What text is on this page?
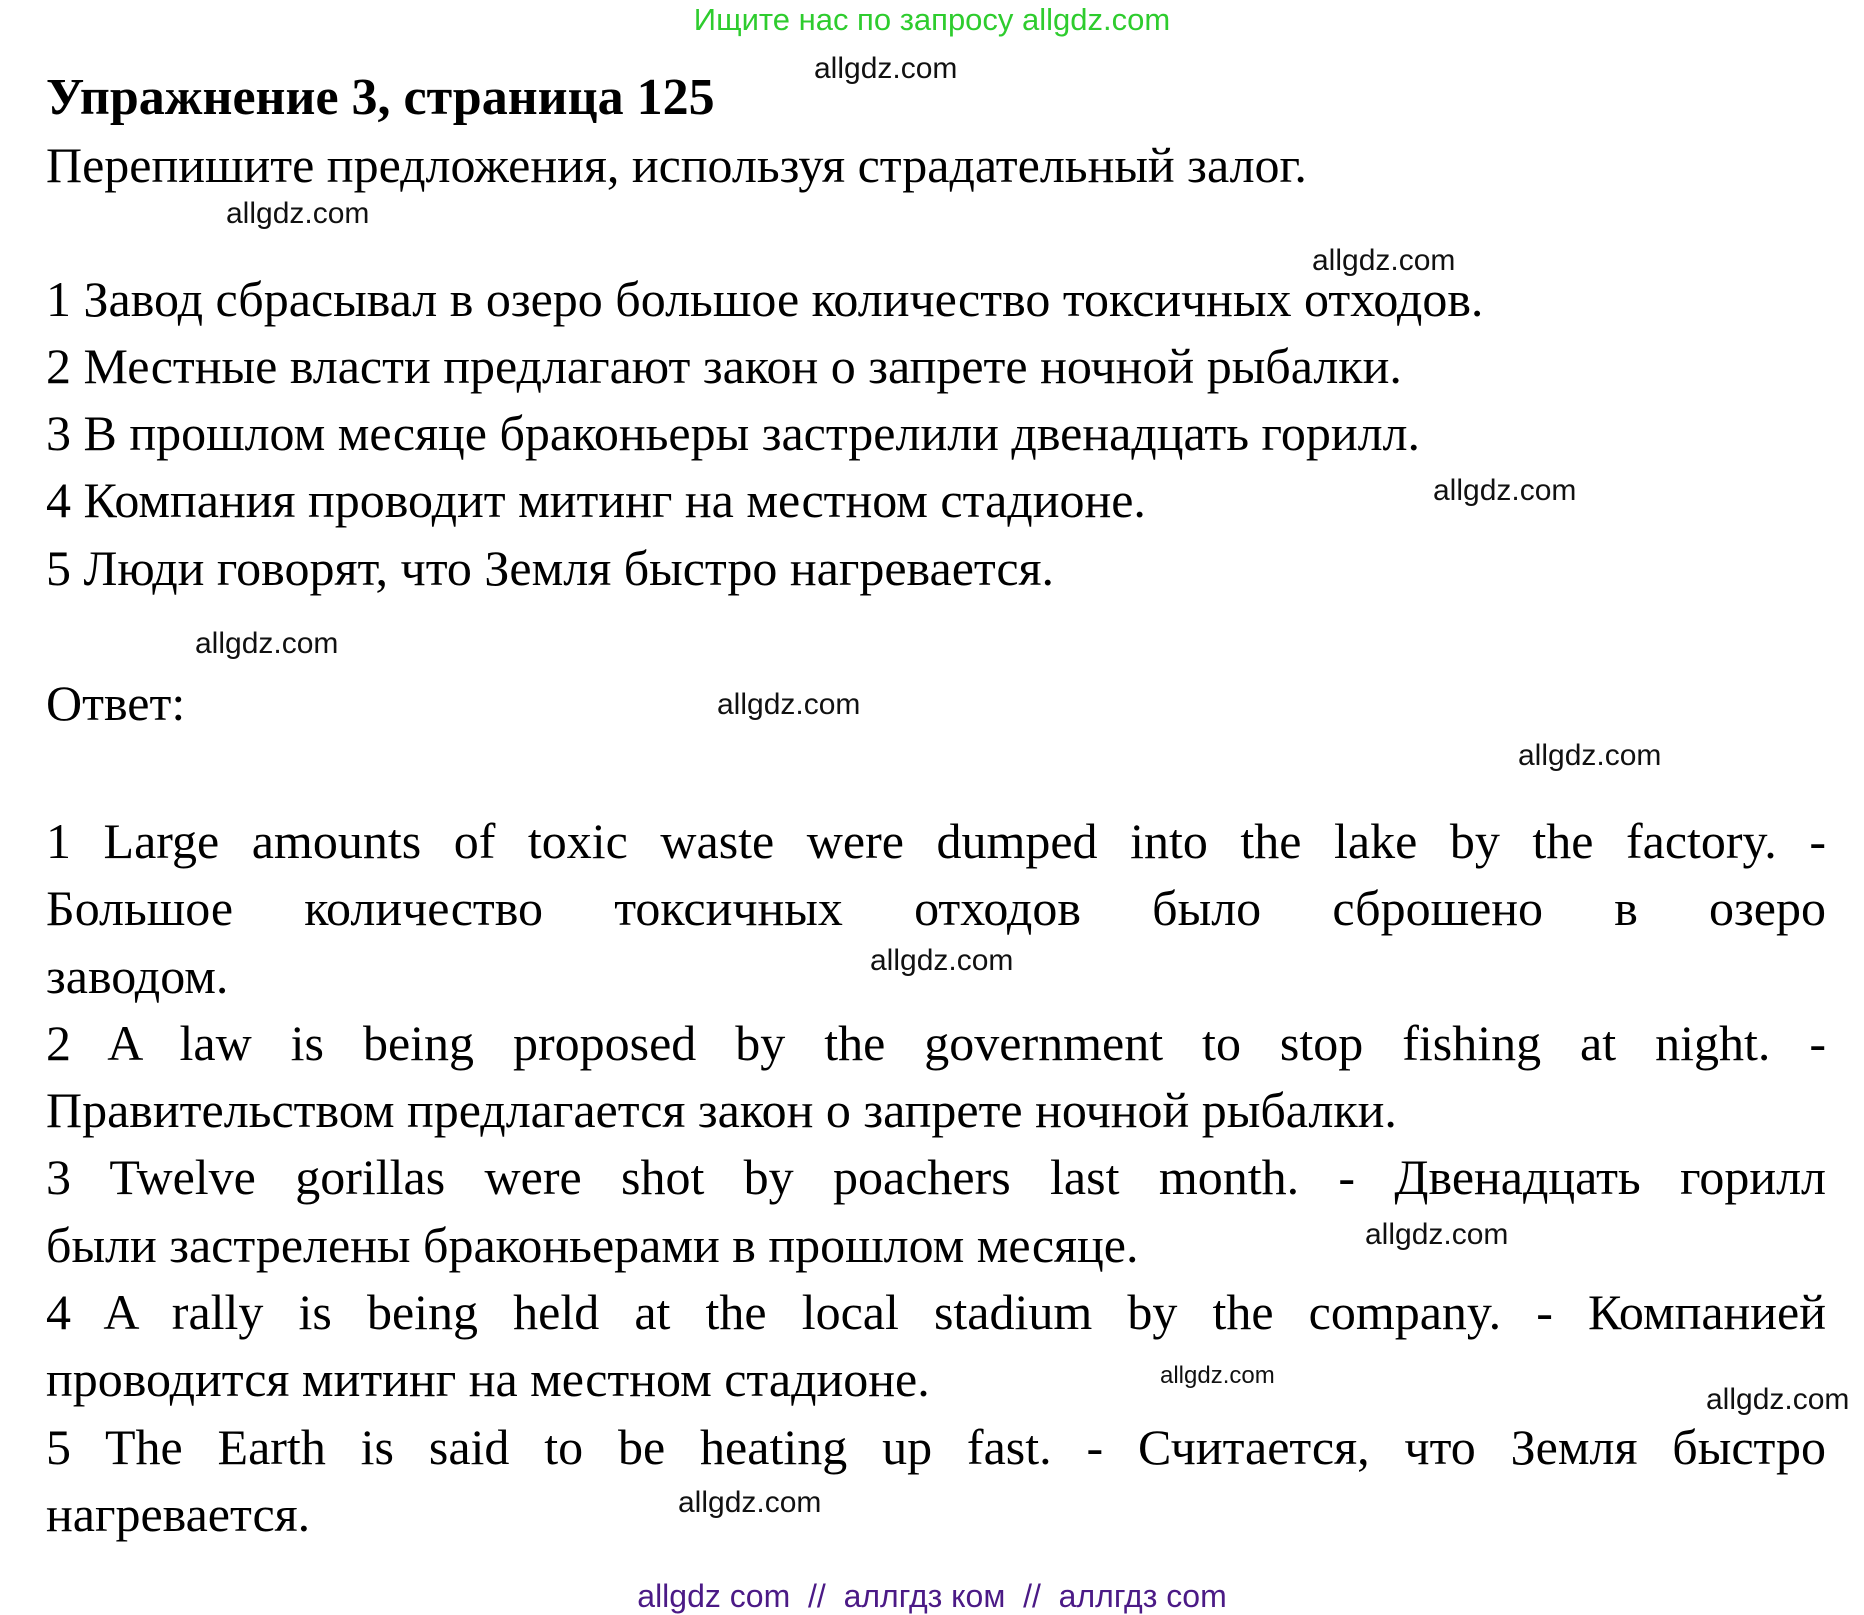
Ищите нас по запросу allgdz.com
Упражнение 3, страница 125
Перепишите предложения, используя страдательный залог.
1 Завод сбрасывал в озеро большое количество токсичных отходов.
2 Местные власти предлагают закон о запрете ночной рыбалки.
3 В прошлом месяце браконьеры застрелили двенадцать горилл.
4 Компания проводит митинг на местном стадионе.
5 Люди говорят, что Земля быстро нагревается.
Ответ:
1 Large amounts of toxic waste were dumped into the lake by the factory. -
Большое количество токсичных отходов было сброшено в озеро
заводом.
2 A law is being proposed by the government to stop fishing at night. -
Правительством предлагается закон о запрете ночной рыбалки.
3 Twelve gorillas were shot by poachers last month. - Двенадцать горилл
были застрелены браконьерами в прошлом месяце.
4 A rally is being held at the local stadium by the company. - Компанией
проводится митинг на местном стадионе.
5 The Earth is said to be heating up fast. - Считается, что Земля быстро
нагревается.
allgdz.com
allgdz.com
allgdz.com
allgdz.com
allgdz.com
allgdz.com
allgdz.com
allgdz.com
allgdz.com
allgdz.com
allgdz.com
allgdz.com
allgdz com  //  аллгдз ком  //  аллгдз com
